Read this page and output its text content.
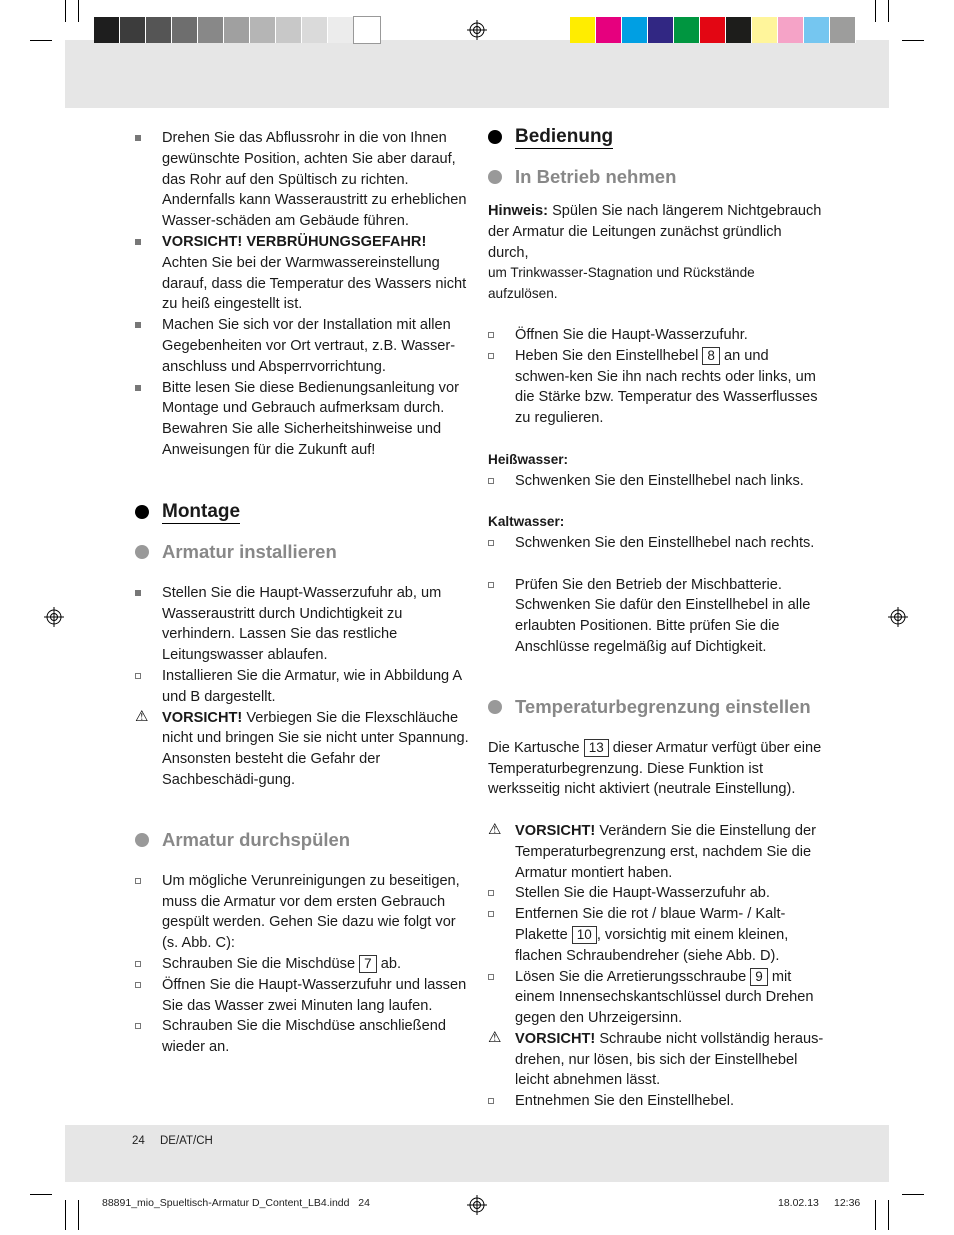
Drehen Sie das Abflussrohr in die von Ihnen gewünschte Position, achten Sie aber darauf, das Rohr auf den Spültisch zu richten. Andernfalls kann Wasseraustritt zu erheblichen Wasser-schäden am Gebäude führen.
VORSICHT! VERBRÜHUNGSGEFAHR!
Achten Sie bei der Warmwassereinstellung darauf, dass die Temperatur des Wassers nicht zu heiß eingestellt ist.
Machen Sie sich vor der Installation mit allen Gegebenheiten vor Ort vertraut, z.B. Wasser-anschluss und Absperrvorrichtung.
Bitte lesen Sie diese Bedienungsanleitung vor Montage und Gebrauch aufmerksam durch. Bewahren Sie alle Sicherheitshinweise und Anweisungen für die Zukunft auf!
Montage
Armatur installieren
Stellen Sie die Haupt-Wasserzufuhr ab, um Wasseraustritt durch Undichtigkeit zu verhindern. Lassen Sie das restliche Leitungswasser ablaufen.
Installieren Sie die Armatur, wie in Abbildung A und B dargestellt.
⚠ VORSICHT! Verbiegen Sie die Flexschläuche nicht und bringen Sie sie nicht unter Spannung. Ansonsten besteht die Gefahr der Sachbeschädi-gung.
Armatur durchspülen
Um mögliche Verunreinigungen zu beseitigen, muss die Armatur vor dem ersten Gebrauch gespült werden. Gehen Sie dazu wie folgt vor (s. Abb. C):
Schrauben Sie die Mischdüse 7 ab.
Öffnen Sie die Haupt-Wasserzufuhr und lassen Sie das Wasser zwei Minuten lang laufen.
Schrauben Sie die Mischdüse anschließend wieder an.
Bedienung
In Betrieb nehmen
Hinweis: Spülen Sie nach längerem Nichtgebrauch der Armatur die Leitungen zunächst gründlich durch,
um Trinkwasser-Stagnation und Rückstände aufzulösen.
Öffnen Sie die Haupt-Wasserzufuhr.
Heben Sie den Einstellhebel 8 an und schwen-ken Sie ihn nach rechts oder links, um die Stärke bzw. Temperatur des Wasserflusses zu regulieren.
Heißwasser:
Schwenken Sie den Einstellhebel nach links.
Kaltwasser:
Schwenken Sie den Einstellhebel nach rechts.
Prüfen Sie den Betrieb der Mischbatterie. Schwenken Sie dafür den Einstellhebel in alle erlaubten Positionen. Bitte prüfen Sie die Anschlüsse regelmäßig auf Dichtigkeit.
Temperaturbegrenzung einstellen
Die Kartusche 13 dieser Armatur verfügt über eine Temperaturbegrenzung. Diese Funktion ist werksseitig nicht aktiviert (neutrale Einstellung).
⚠ VORSICHT! Verändern Sie die Einstellung der Temperaturbegrenzung erst, nachdem Sie die Armatur montiert haben.
Stellen Sie die Haupt-Wasserzufuhr ab.
Entfernen Sie die rot / blaue Warm- / Kalt-Plakette 10 , vorsichtig mit einem kleinen, flachen Schraubendreher (siehe Abb. D).
Lösen Sie die Arretierungsschraube 9 mit einem Innensechskantschlüssel durch Drehen gegen den Uhrzeigersinn.
⚠ VORSICHT! Schraube nicht vollständig heraus-drehen, nur lösen, bis sich der Einstellhebel leicht abnehmen lässt.
Entnehmen Sie den Einstellhebel.
24 DE/AT/CH
88891_mio_Spueltisch-Armatur D_Content_LB4.indd   24	18.02.13 12:36
